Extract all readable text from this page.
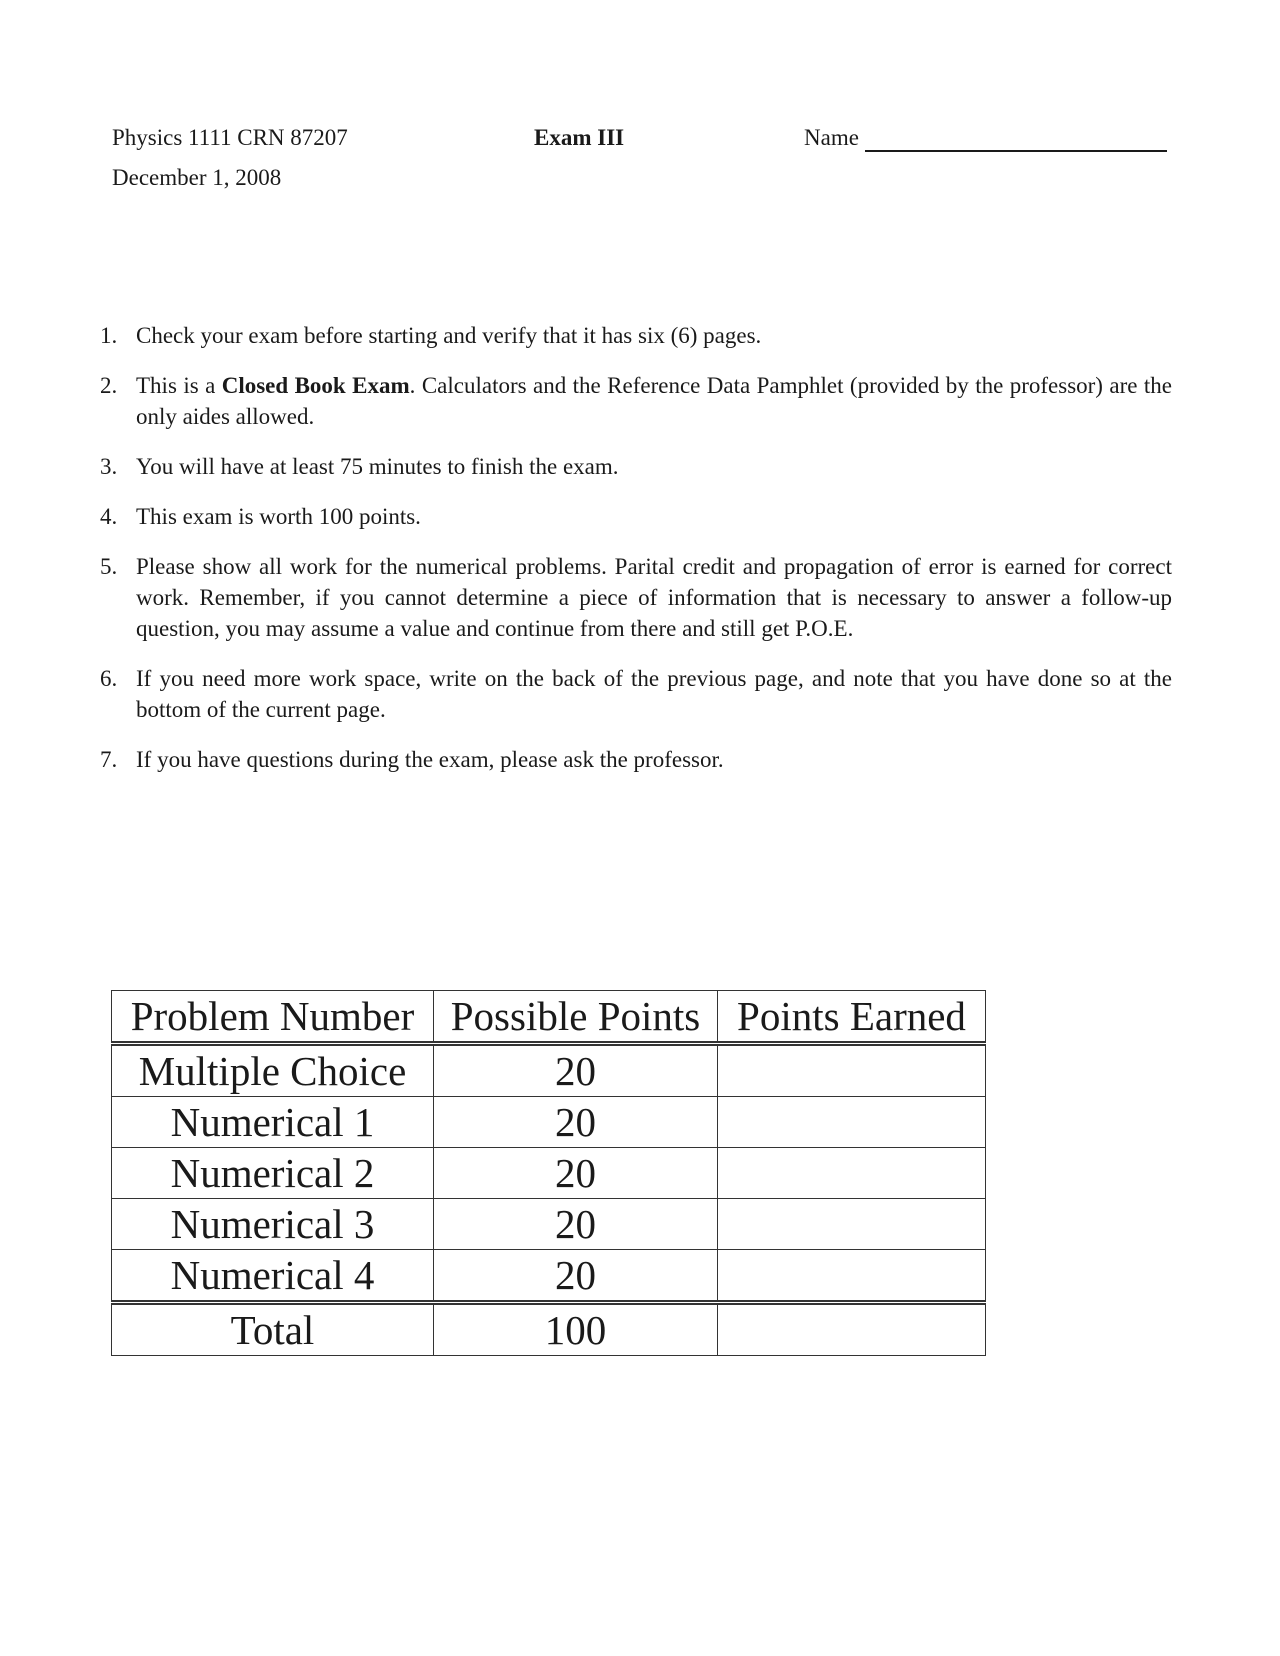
Physics 1111 CRN 87207
December 1, 2008
Exam III	Name
1. Check your exam before starting and verify that it has six (6) pages.
2. This is a Closed Book Exam. Calculators and the Reference Data Pamphlet (provided by the professor) are the only aides allowed.
3. You will have at least 75 minutes to finish the exam.
4. This exam is worth 100 points.
5. Please show all work for the numerical problems. Parital credit and propagation of error is earned for correct work. Remember, if you cannot determine a piece of information that is necessary to answer a follow-up question, you may assume a value and continue from there and still get P.O.E.
6. If you need more work space, write on the back of the previous page, and note that you have done so at the bottom of the current page.
7. If you have questions during the exam, please ask the professor.
Problem Number	Possible Points	Points Earned
Multiple Choice	20	
Numerical 1	20	
Numerical 2	20	
Numerical 3	20	
Numerical 4	20	
Total	100	
